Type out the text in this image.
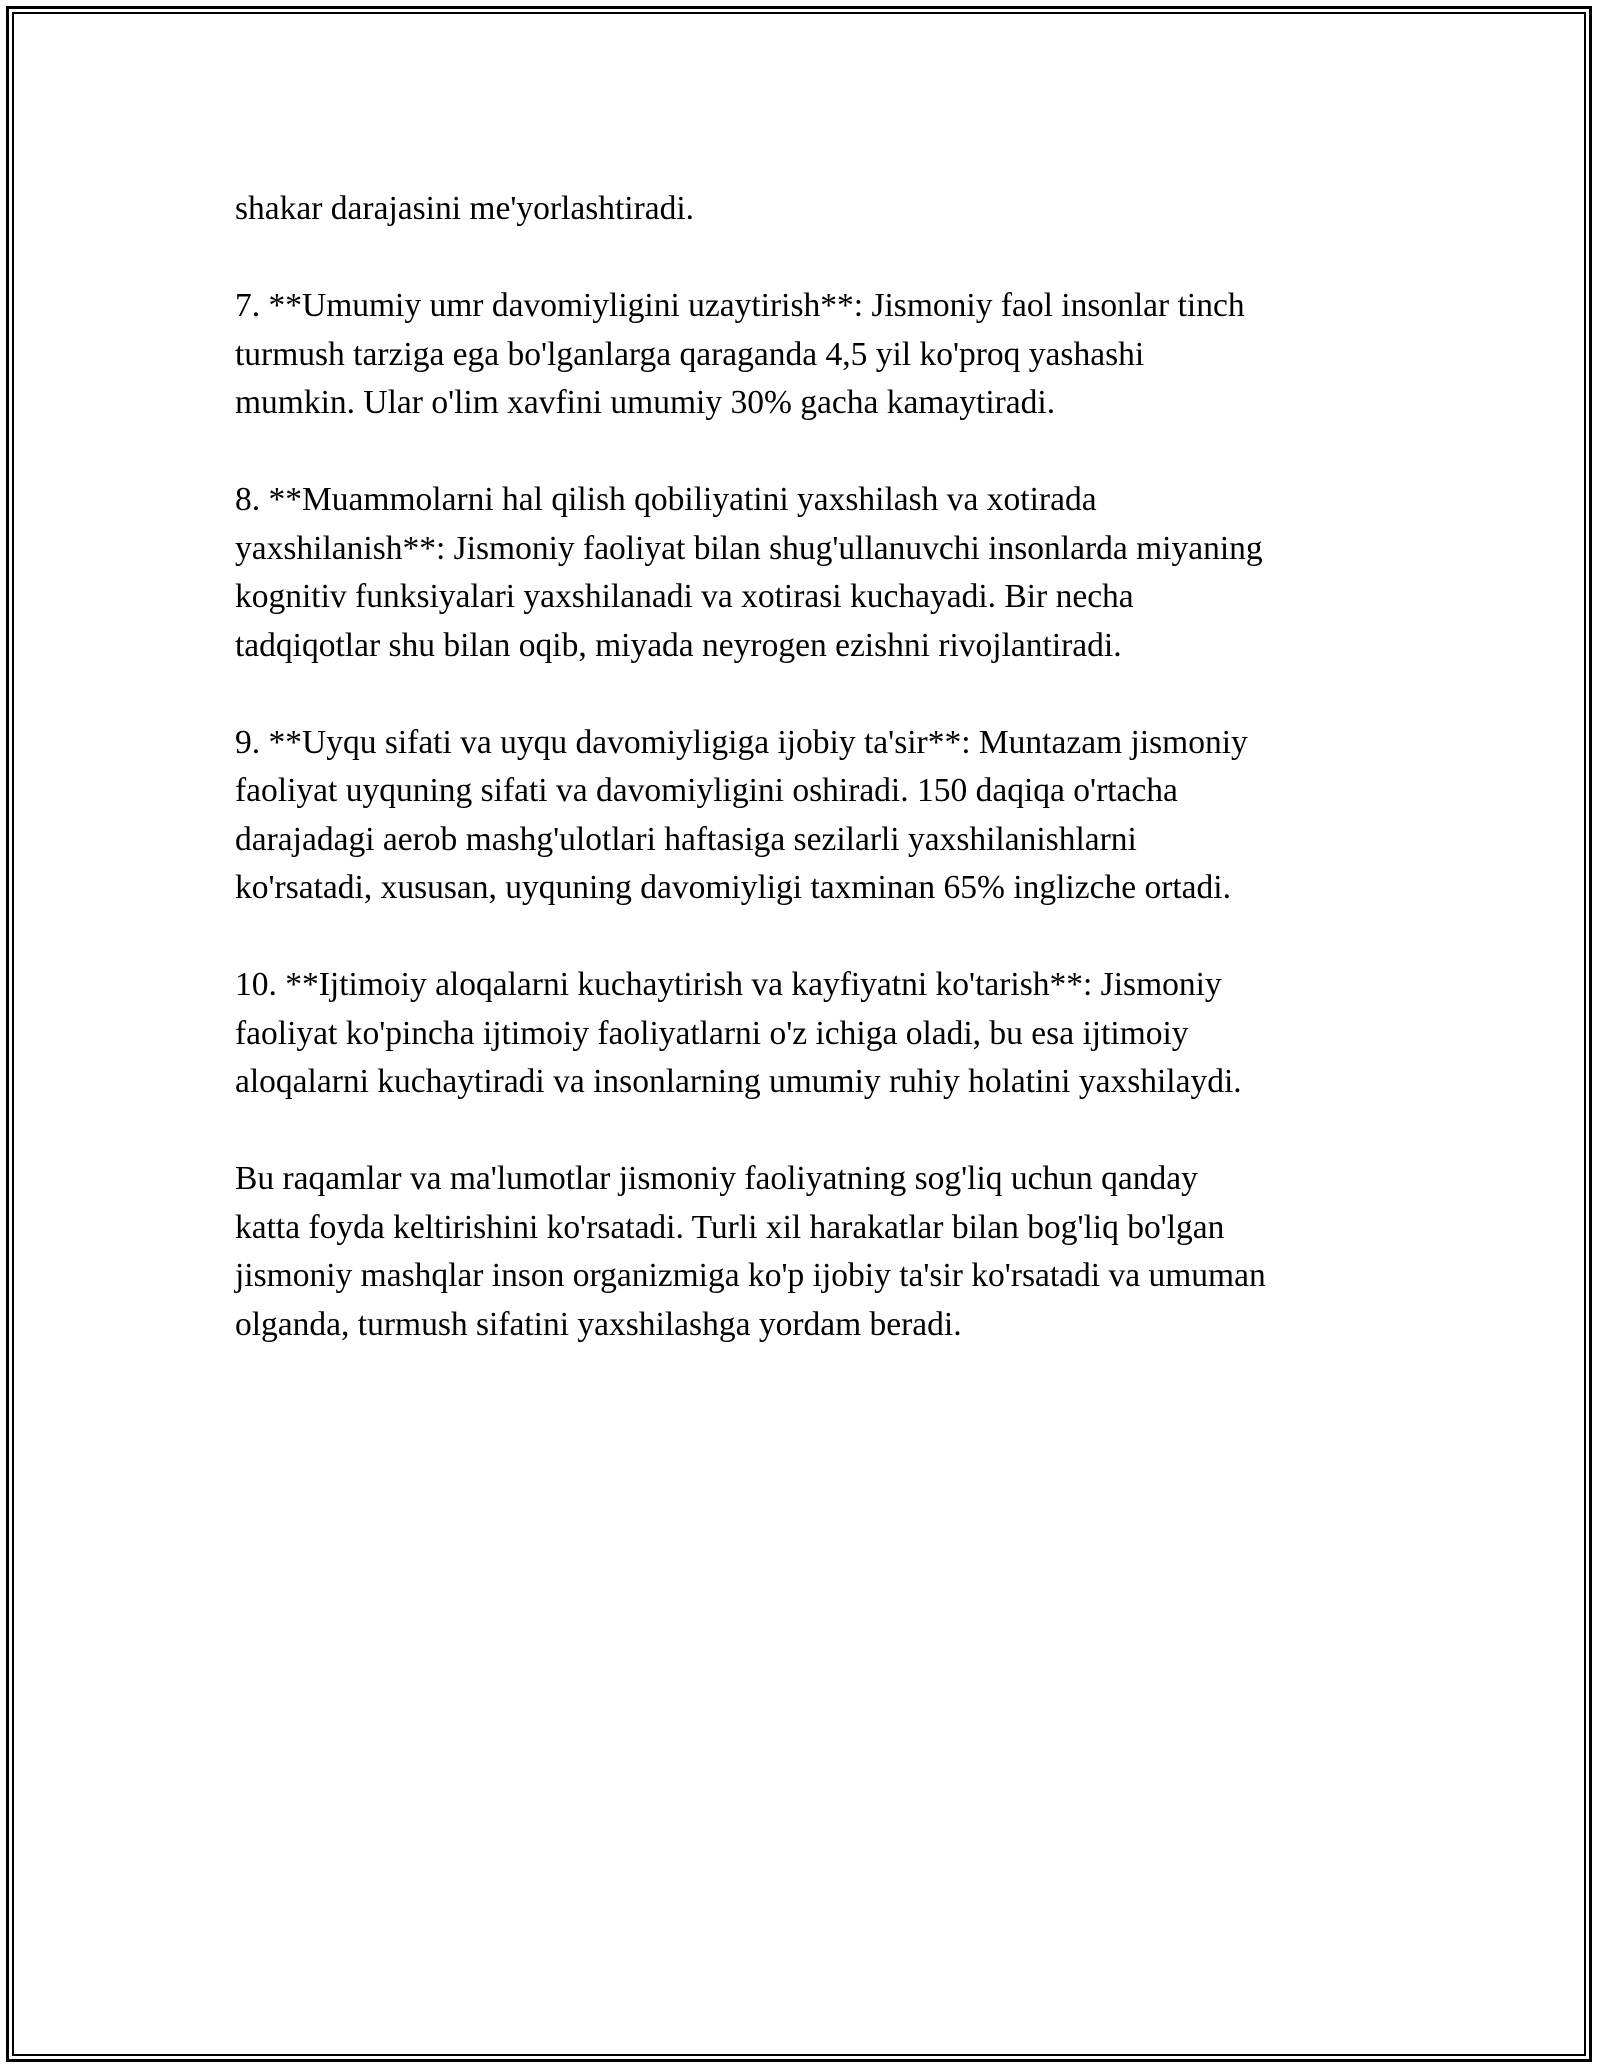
shakar darajasini me'yorlashtiradi.

7. **Umumiy umr davomiyligini uzaytirish**: Jismoniy faol insonlar tinch
turmush tarziga ega bo'lganlarga qaraganda 4,5 yil ko'proq yashashi
mumkin. Ular o'lim xavfini umumiy 30% gacha kamaytiradi.

8. **Muammolarni hal qilish qobiliyatini yaxshilash va xotirada
yaxshilanish**: Jismoniy faoliyat bilan shug'ullanuvchi insonlarda miyaning
kognitiv funksiyalari yaxshilanadi va xotirasi kuchayadi. Bir necha
tadqiqotlar shu bilan oqib, miyada neyrogen ezishni rivojlantiradi.

9. **Uyqu sifati va uyqu davomiyligiga ijobiy ta'sir**: Muntazam jismoniy
faoliyat uyquning sifati va davomiyligini oshiradi. 150 daqiqa o'rtacha
darajadagi aerob mashg'ulotlari haftasiga sezilarli yaxshilanishlarni
ko'rsatadi, xususan, uyquning davomiyligi taxminan 65% inglizche ortadi.

10. **Ijtimoiy aloqalarni kuchaytirish va kayfiyatni ko'tarish**: Jismoniy
faoliyat ko'pincha ijtimoiy faoliyatlarni o'z ichiga oladi, bu esa ijtimoiy
aloqalarni kuchaytiradi va insonlarning umumiy ruhiy holatini yaxshilaydi.

Bu raqamlar va ma'lumotlar jismoniy faoliyatning sog'liq uchun qanday
katta foyda keltirishini ko'rsatadi. Turli xil harakatlar bilan bog'liq bo'lgan
jismoniy mashqlar inson organizmiga ko'p ijobiy ta'sir ko'rsatadi va umuman
olganda, turmush sifatini yaxshilashga yordam beradi.
